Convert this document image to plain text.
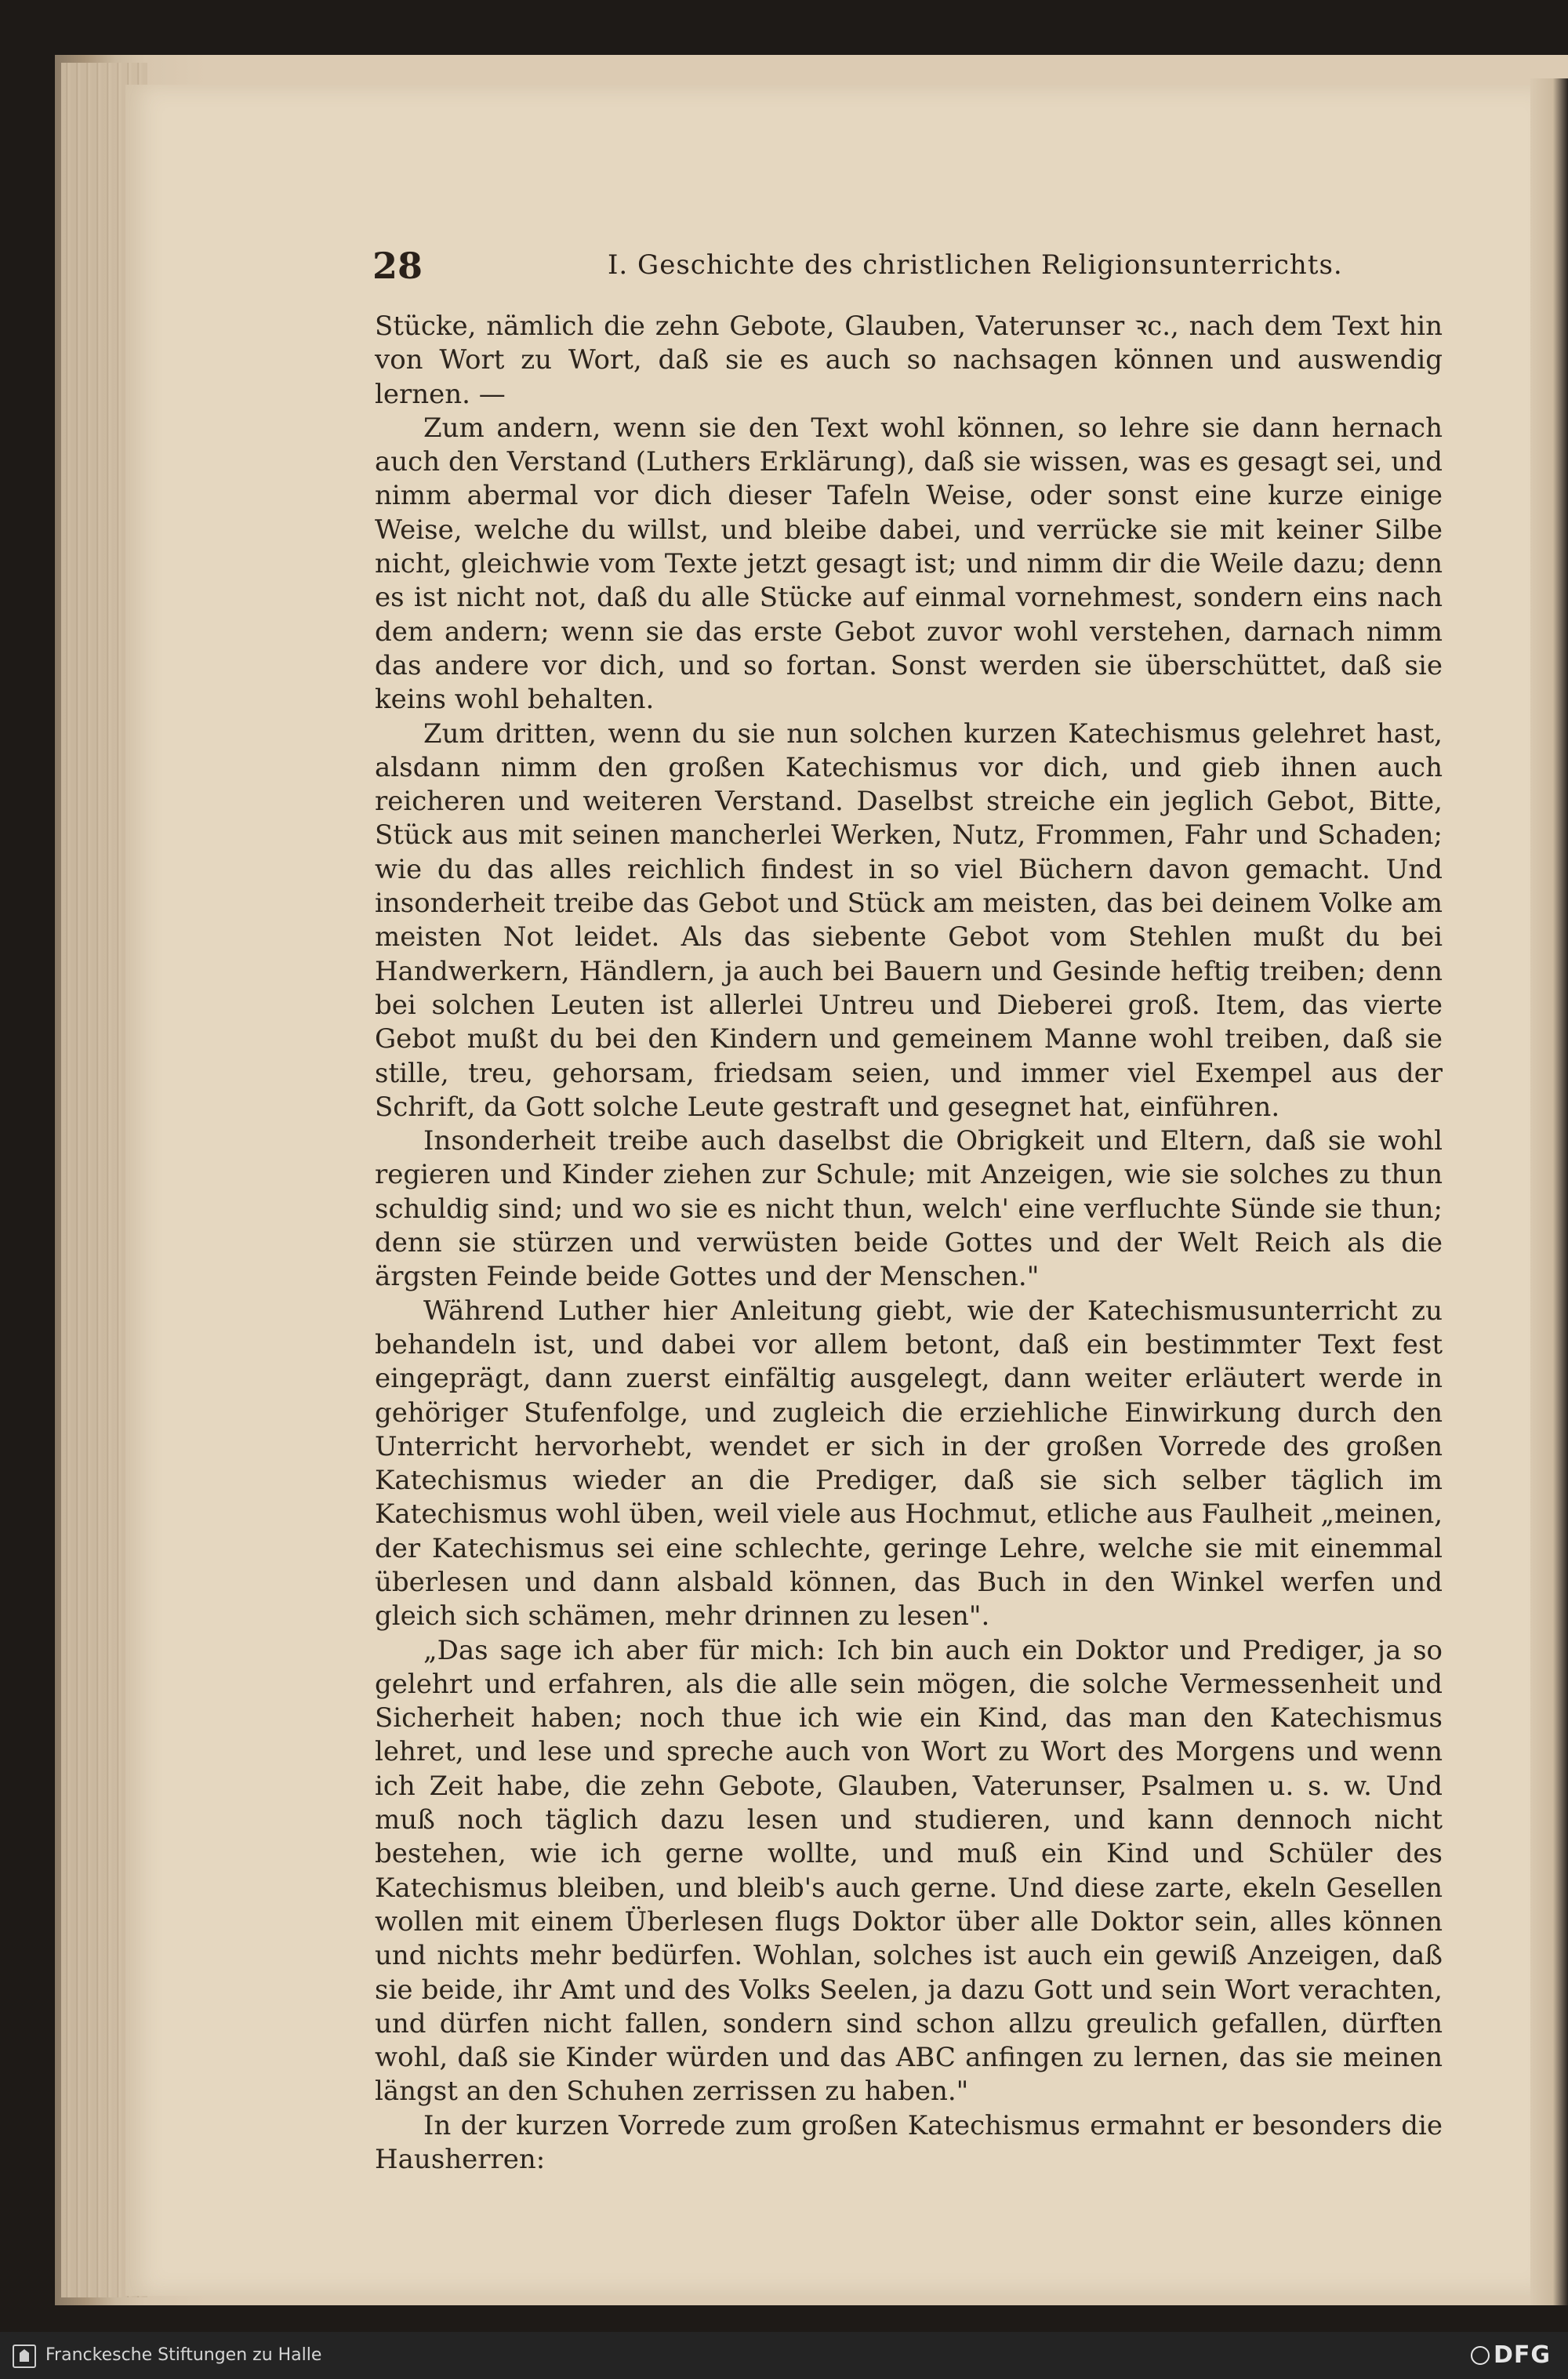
28	I. Geschichte des christlichen Religionsunterrichts.

Stücke, nämlich die zehn Gebote, Glauben, Vaterunser ꝛc., nach dem Text hin von Wort zu Wort, daß sie es auch so nachsagen können und auswendig lernen. —

Zum andern, wenn sie den Text wohl können, so lehre sie dann hernach auch den Verstand (Luthers Erklärung), daß sie wissen, was es gesagt sei, und nimm abermal vor dich dieser Tafeln Weise, oder sonst eine kurze einige Weise, welche du willst, und bleibe dabei, und verrücke sie mit keiner Silbe nicht, gleichwie vom Texte jetzt gesagt ist; und nimm dir die Weile dazu; denn es ist nicht not, daß du alle Stücke auf einmal vornehmest, sondern eins nach dem andern; wenn sie das erste Gebot zuvor wohl verstehen, darnach nimm das andere vor dich, und so fortan. Sonst werden sie überschüttet, daß sie keins wohl behalten.

Zum dritten, wenn du sie nun solchen kurzen Katechismus gelehret hast, alsdann nimm den großen Katechismus vor dich, und gieb ihnen auch reicheren und weiteren Verstand. Daselbst streiche ein jeglich Gebot, Bitte, Stück aus mit seinen mancherlei Werken, Nutz, Frommen, Fahr und Schaden; wie du das alles reichlich findest in so viel Büchern davon gemacht. Und insonderheit treibe das Gebot und Stück am meisten, das bei deinem Volke am meisten Not leidet. Als das siebente Gebot vom Stehlen mußt du bei Handwerkern, Händlern, ja auch bei Bauern und Gesinde heftig treiben; denn bei solchen Leuten ist allerlei Untreu und Dieberei groß. Item, das vierte Gebot mußt du bei den Kindern und gemeinem Manne wohl treiben, daß sie stille, treu, gehorsam, friedsam seien, und immer viel Exempel aus der Schrift, da Gott solche Leute gestraft und gesegnet hat, einführen.

Insonderheit treibe auch daselbst die Obrigkeit und Eltern, daß sie wohl regieren und Kinder ziehen zur Schule; mit Anzeigen, wie sie solches zu thun schuldig sind; und wo sie es nicht thun, welch' eine verfluchte Sünde sie thun; denn sie stürzen und verwüsten beide Gottes und der Welt Reich als die ärgsten Feinde beide Gottes und der Menschen."

Während Luther hier Anleitung giebt, wie der Katechismusunterricht zu behandeln ist, und dabei vor allem betont, daß ein bestimmter Text fest eingeprägt, dann zuerst einfältig ausgelegt, dann weiter erläutert werde in gehöriger Stufenfolge, und zugleich die erziehliche Einwirkung durch den Unterricht hervorhebt, wendet er sich in der großen Vorrede des großen Katechismus wieder an die Prediger, daß sie sich selber täglich im Katechismus wohl üben, weil viele aus Hochmut, etliche aus Faulheit „meinen, der Katechismus sei eine schlechte, geringe Lehre, welche sie mit einemmal überlesen und dann alsbald können, das Buch in den Winkel werfen und gleich sich schämen, mehr drinnen zu lesen".

„Das sage ich aber für mich: Ich bin auch ein Doktor und Prediger, ja so gelehrt und erfahren, als die alle sein mögen, die solche Vermessenheit und Sicherheit haben; noch thue ich wie ein Kind, das man den Katechismus lehret, und lese und spreche auch von Wort zu Wort des Morgens und wenn ich Zeit habe, die zehn Gebote, Glauben, Vaterunser, Psalmen u. s. w. Und muß noch täglich dazu lesen und studieren, und kann dennoch nicht bestehen, wie ich gerne wollte, und muß ein Kind und Schüler des Katechismus bleiben, und bleib's auch gerne. Und diese zarte, ekeln Gesellen wollen mit einem Überlesen flugs Doktor über alle Doktor sein, alles können und nichts mehr bedürfen. Wohlan, solches ist auch ein gewiß Anzeigen, daß sie beide, ihr Amt und des Volks Seelen, ja dazu Gott und sein Wort verachten, und dürfen nicht fallen, sondern sind schon allzu greulich gefallen, dürften wohl, daß sie Kinder würden und das ABC anfingen zu lernen, das sie meinen längst an den Schuhen zerrissen zu haben."

In der kurzen Vorrede zum großen Katechismus ermahnt er besonders die Hausherren:

Franckesche Stiftungen zu Halle	DFG
